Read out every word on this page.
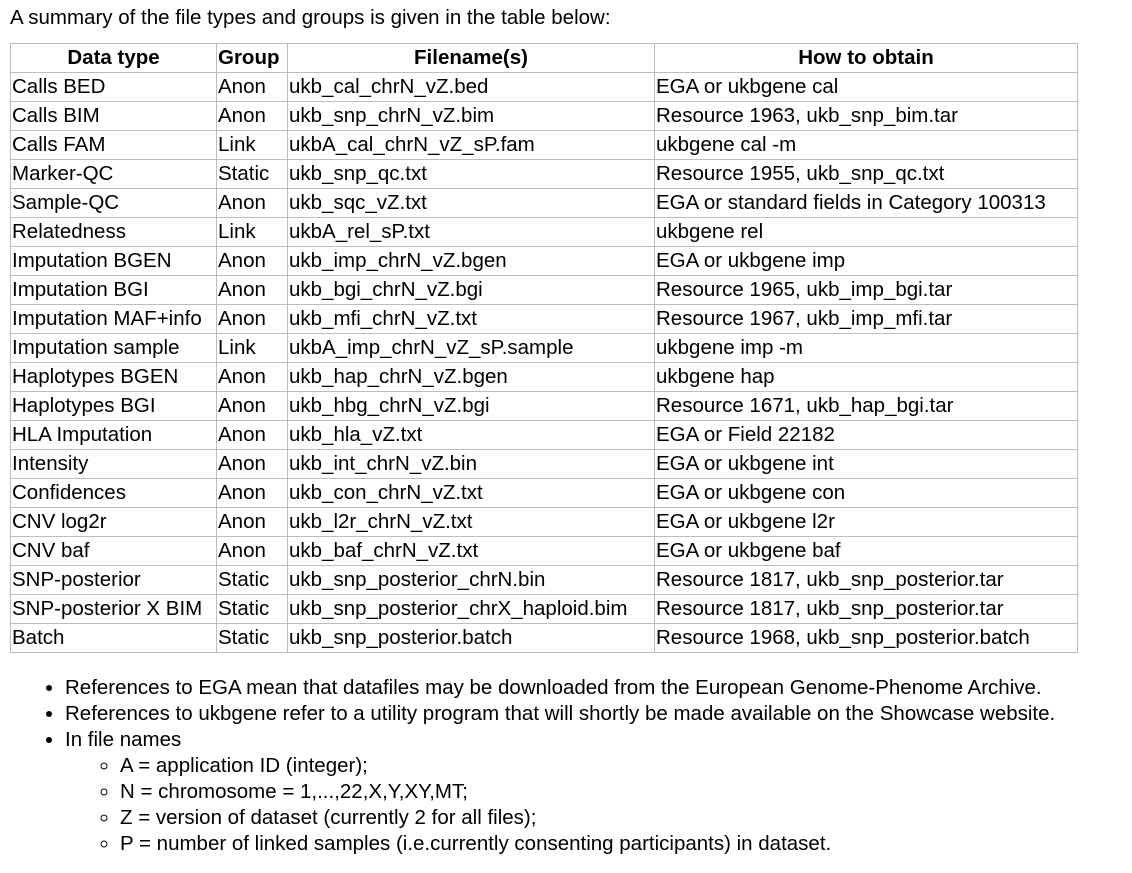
A summary of the file types and groups is given in the table below:
Data type	Group	Filename(s)	How to obtain
Calls BED	Anon	ukb_cal_chrN_vZ.bed	EGA or ukbgene cal
Calls BIM	Anon	ukb_snp_chrN_vZ.bim	Resource 1963, ukb_snp_bim.tar
Calls FAM	Link	ukbA_cal_chrN_vZ_sP.fam	ukbgene cal -m
Marker-QC	Static	ukb_snp_qc.txt	Resource 1955, ukb_snp_qc.txt
Sample-QC	Anon	ukb_sqc_vZ.txt	EGA or standard fields in Category 100313
Relatedness	Link	ukbA_rel_sP.txt	ukbgene rel
Imputation BGEN	Anon	ukb_imp_chrN_vZ.bgen	EGA or ukbgene imp
Imputation BGI	Anon	ukb_bgi_chrN_vZ.bgi	Resource 1965, ukb_imp_bgi.tar
Imputation MAF+info	Anon	ukb_mfi_chrN_vZ.txt	Resource 1967, ukb_imp_mfi.tar
Imputation sample	Link	ukbA_imp_chrN_vZ_sP.sample	ukbgene imp -m
Haplotypes BGEN	Anon	ukb_hap_chrN_vZ.bgen	ukbgene hap
Haplotypes BGI	Anon	ukb_hbg_chrN_vZ.bgi	Resource 1671, ukb_hap_bgi.tar
HLA Imputation	Anon	ukb_hla_vZ.txt	EGA or Field 22182
Intensity	Anon	ukb_int_chrN_vZ.bin	EGA or ukbgene int
Confidences	Anon	ukb_con_chrN_vZ.txt	EGA or ukbgene con
CNV log2r	Anon	ukb_l2r_chrN_vZ.txt	EGA or ukbgene l2r
CNV baf	Anon	ukb_baf_chrN_vZ.txt	EGA or ukbgene baf
SNP-posterior	Static	ukb_snp_posterior_chrN.bin	Resource 1817, ukb_snp_posterior.tar
SNP-posterior X BIM	Static	ukb_snp_posterior_chrX_haploid.bim	Resource 1817, ukb_snp_posterior.tar
Batch	Static	ukb_snp_posterior.batch	Resource 1968, ukb_snp_posterior.batch
• References to EGA mean that datafiles may be downloaded from the European Genome-Phenome Archive.
• References to ukbgene refer to a utility program that will shortly be made available on the Showcase website.
• In file names
◦ A = application ID (integer);
◦ N = chromosome = 1,...,22,X,Y,XY,MT;
◦ Z = version of dataset (currently 2 for all files);
◦ P = number of linked samples (i.e.currently consenting participants) in dataset.
